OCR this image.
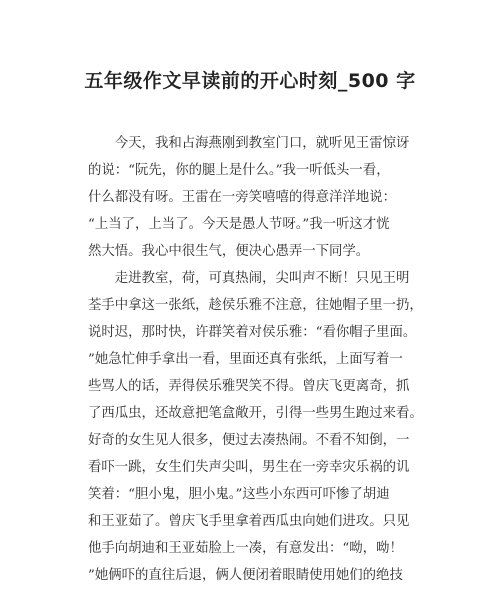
五年级作文早读前的开心时刻_500 字
　　今天，我和占海燕刚到教室门口，就听见王雷惊讶
的说：“阮先，你的腿上是什么。”我一听低头一看，
什么都没有呀。王雷在一旁笑嘻嘻的得意洋洋地说：
“上当了，上当了。今天是愚人节呀。”我一听这才恍
然大悟。我心中很生气，便决心愚弄一下同学。
　　走进教室，荷，可真热闹，尖叫声不断！只见王明
荃手中拿这一张纸，趁侯乐雅不注意，往她帽子里一扔，
说时迟，那时快，许群笑着对侯乐雅：“看你帽子里面。
”她急忙伸手拿出一看，里面还真有张纸，上面写着一
些骂人的话，弄得侯乐雅哭笑不得。曾庆飞更离奇，抓
了西瓜虫，还故意把笔盒敞开，引得一些男生跑过来看。
好奇的女生见人很多，便过去凑热闹。不看不知倒，一
看吓一跳，女生们失声尖叫，男生在一旁幸灾乐祸的讥
笑着：“胆小鬼，胆小鬼。”这些小东西可吓惨了胡迪
和王亚茹了。曾庆飞手里拿着西瓜虫向她们进攻。只见
他手向胡迪和王亚茹脸上一凑，有意发出：“呦，呦！
”她俩吓的直往后退，俩人便闭着眼睛使用她们的绝技
